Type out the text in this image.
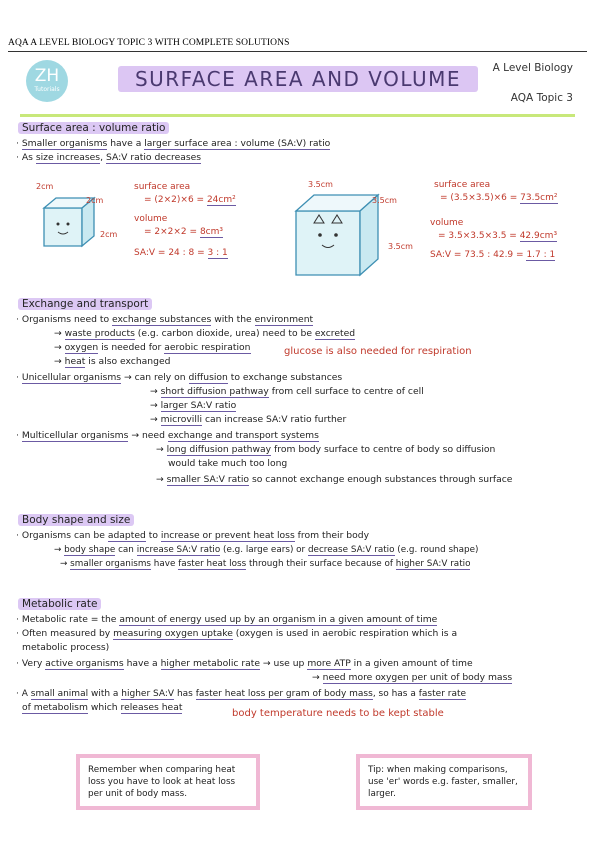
AQA A LEVEL BIOLOGY TOPIC 3 WITH COMPLETE SOLUTIONS
ZH
Tutorials	SURFACE AREA AND VOLUME	A Level Biology
AQA Topic 3
Surface area : volume ratio
· Smaller organisms have a larger surface area : volume (SA:V) ratio
· As size increases, SA:V ratio decreases
2cm
2cm
2cm
surface area
= (2×2)×6 = 24cm²
volume
= 2×2×2 = 8cm³
SA:V = 24 : 8 = 3 : 1
3.5cm
3.5cm
3.5cm
surface area
= (3.5×3.5)×6 = 73.5cm²
volume
= 3.5×3.5×3.5 = 42.9cm³
SA:V = 73.5 : 42.9 = 1.7 : 1
Exchange and transport
· Organisms need to exchange substances with the environment
→ waste products (e.g. carbon dioxide, urea) need to be excreted
→ oxygen is needed for aerobic respiration	glucose is also needed for respiration
→ heat is also exchanged
· Unicellular organisms → can rely on diffusion to exchange substances
→ short diffusion pathway from cell surface to centre of cell
→ larger SA:V ratio
→ microvilli can increase SA:V ratio further
· Multicellular organisms → need exchange and transport systems
→ long diffusion pathway from body surface to centre of body so diffusion
would take much too long
→ smaller SA:V ratio so cannot exchange enough substances through surface
Body shape and size
· Organisms can be adapted to increase or prevent heat loss from their body
→ body shape can increase SA:V ratio (e.g. large ears) or decrease SA:V ratio (e.g. round shape)
→ smaller organisms have faster heat loss through their surface because of higher SA:V ratio
Metabolic rate
· Metabolic rate = the amount of energy used up by an organism in a given amount of time
· Often measured by measuring oxygen uptake (oxygen is used in aerobic respiration which is a
metabolic process)
· Very active organisms have a higher metabolic rate → use up more ATP in a given amount of time
→ need more oxygen per unit of body mass
· A small animal with a higher SA:V has faster heat loss per gram of body mass, so has a faster rate
of metabolism which releases heat
body temperature needs to be kept stable
Remember when comparing heat loss you have to look at heat loss per unit of body mass.
Tip: when making comparisons, use 'er' words e.g. faster, smaller, larger.
